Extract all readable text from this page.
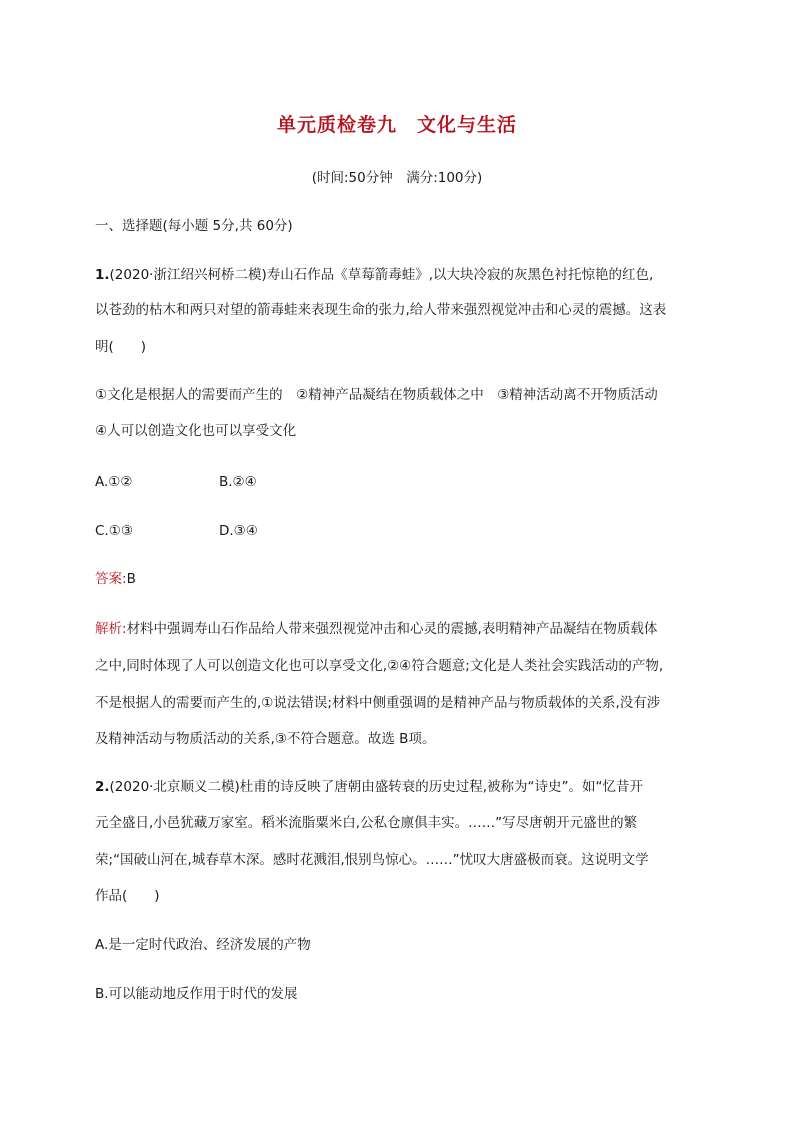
单元质检卷九　文化与生活
(时间:50分钟　满分:100分)
一、选择题(每小题 5分,共 60分)
1.(2020·浙江绍兴柯桥二模)寿山石作品《草莓箭毒蛙》,以大块冷寂的灰黑色衬托惊艳的红色,
以苍劲的枯木和两只对望的箭毒蛙来表现生命的张力,给人带来强烈视觉冲击和心灵的震撼。这表
明(　　)
①文化是根据人的需要而产生的　②精神产品凝结在物质载体之中　③精神活动离不开物质活动
④人可以创造文化也可以享受文化
A.①②	B.②④
C.①③	D.③④
答案:B
解析:材料中强调寿山石作品给人带来强烈视觉冲击和心灵的震撼,表明精神产品凝结在物质载体
之中,同时体现了人可以创造文化也可以享受文化,②④符合题意;文化是人类社会实践活动的产物,
不是根据人的需要而产生的,①说法错误;材料中侧重强调的是精神产品与物质载体的关系,没有涉
及精神活动与物质活动的关系,③不符合题意。故选 B项。
2.(2020·北京顺义二模)杜甫的诗反映了唐朝由盛转衰的历史过程,被称为“诗史”。如“忆昔开
元全盛日,小邑犹藏万家室。稻米流脂粟米白,公私仓廪俱丰实。……”写尽唐朝开元盛世的繁
荣;“国破山河在,城春草木深。感时花溅泪,恨别鸟惊心。……”忧叹大唐盛极而衰。这说明文学
作品(　　)
A.是一定时代政治、经济发展的产物
B.可以能动地反作用于时代的发展
